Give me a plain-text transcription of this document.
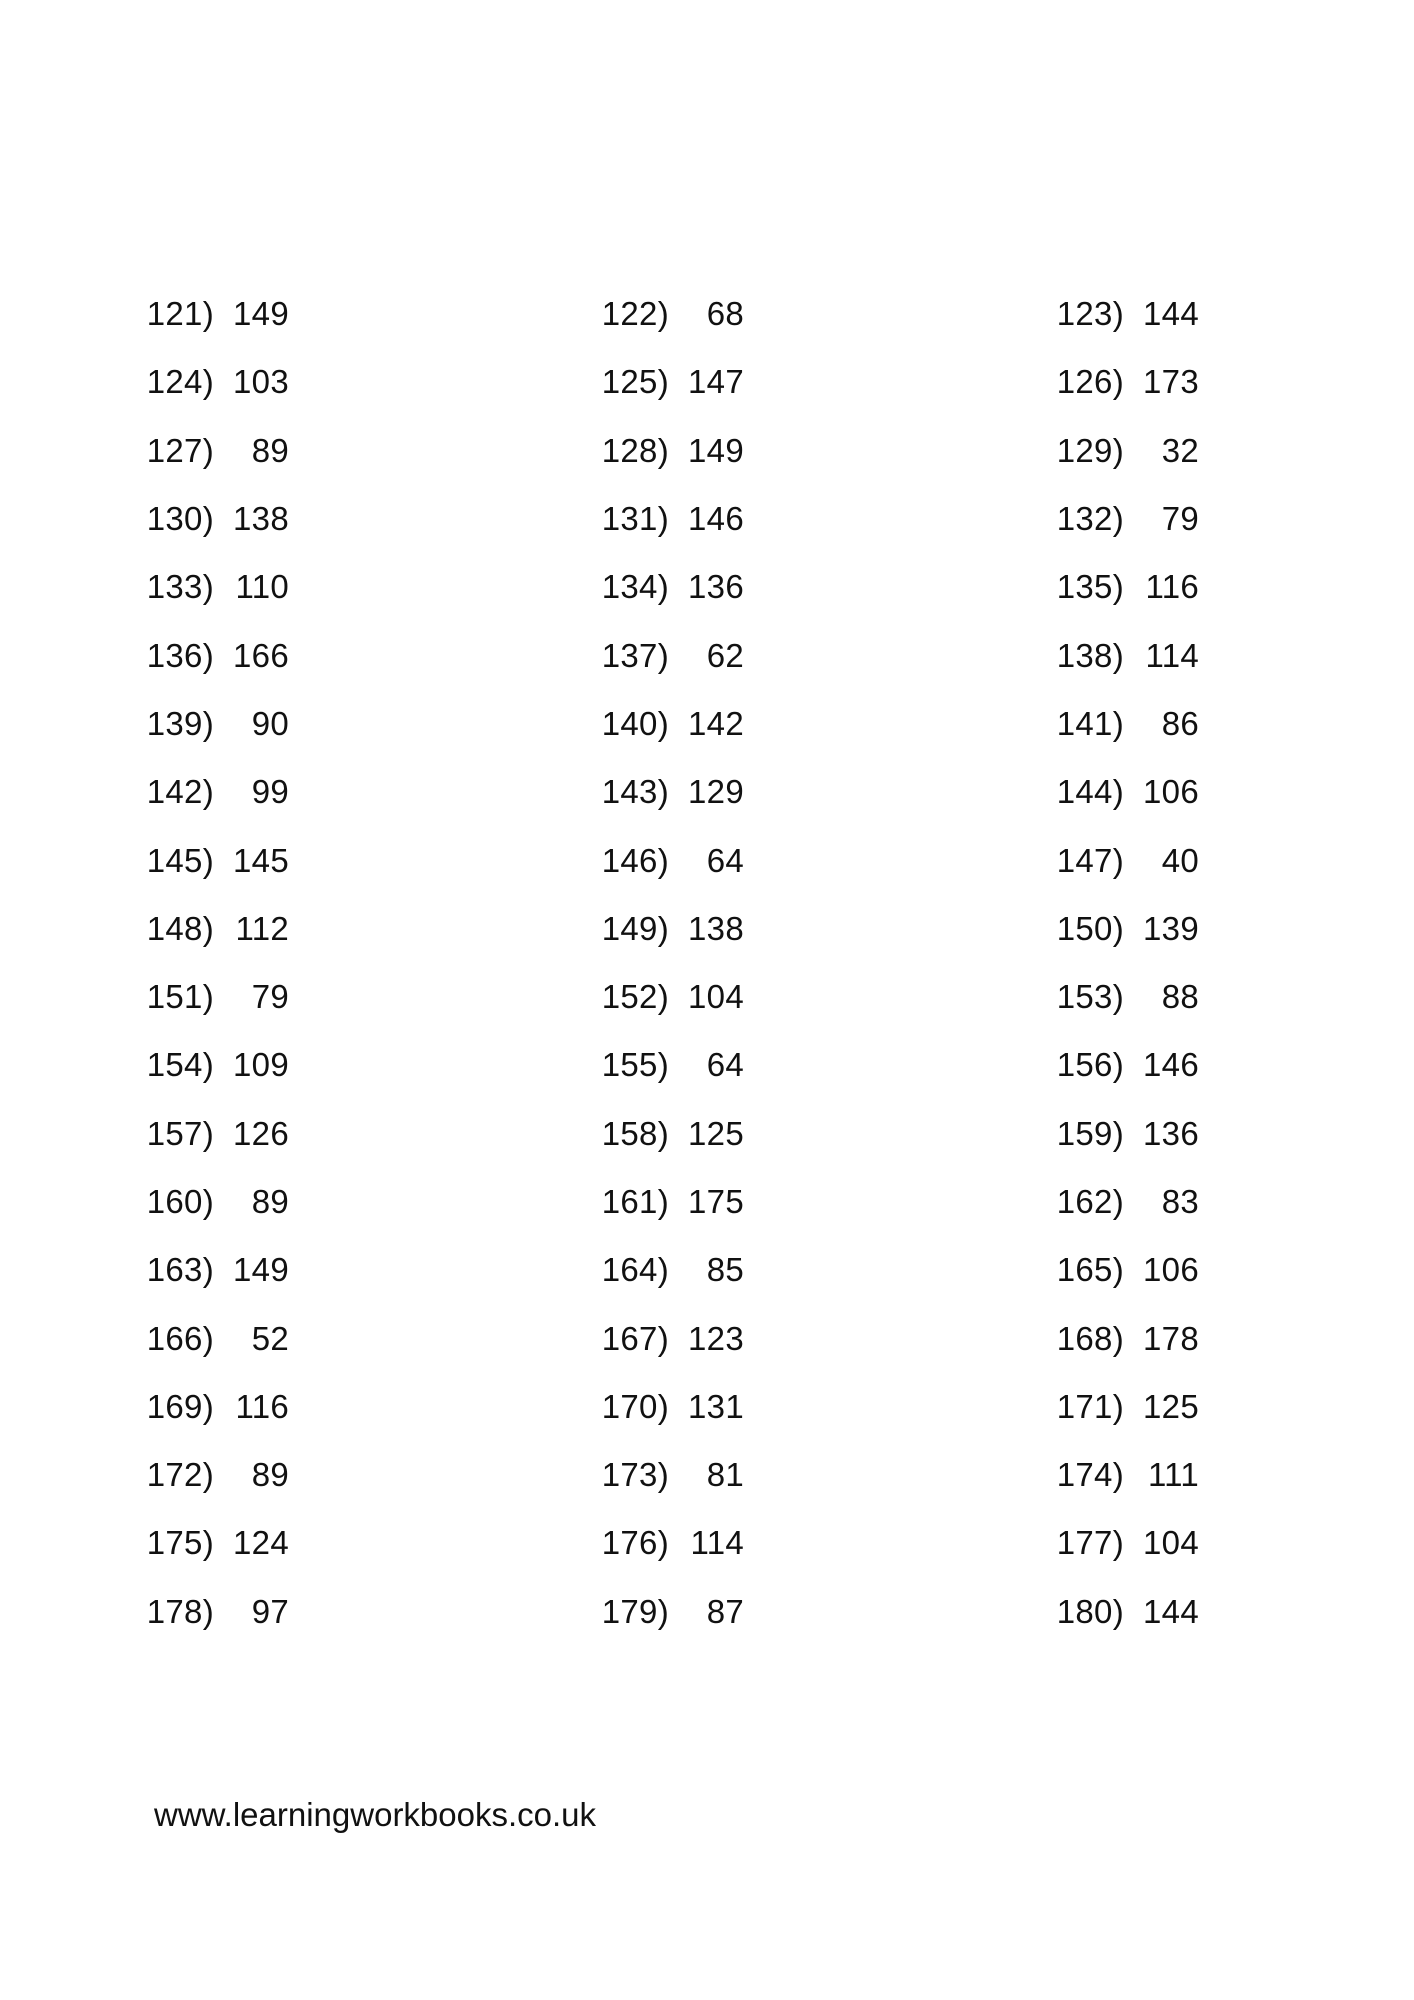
121) 149	122)	68	123) 144
124) 103	125) 147	126) 173
127)	89	128) 149	129)	32
130) 138	131) 146	132)	79
133) 110	134) 136	135) 116
136) 166	137)	62	138) 114
139)	90	140) 142	141)	86
142)	99	143) 129	144) 106
145) 145	146)	64	147)	40
148) 112	149) 138	150) 139
151)	79	152) 104	153)	88
154) 109	155)	64	156) 146
157) 126	158) 125	159) 136
160)	89	161) 175	162)	83
163) 149	164)	85	165) 106
166)	52	167) 123	168) 178
169) 116	170) 131	171) 125
172)	89	173)	81	174) 111
175) 124	176) 114	177) 104
178)	97	179)	87	180) 144
www.learningworkbooks.co.uk
